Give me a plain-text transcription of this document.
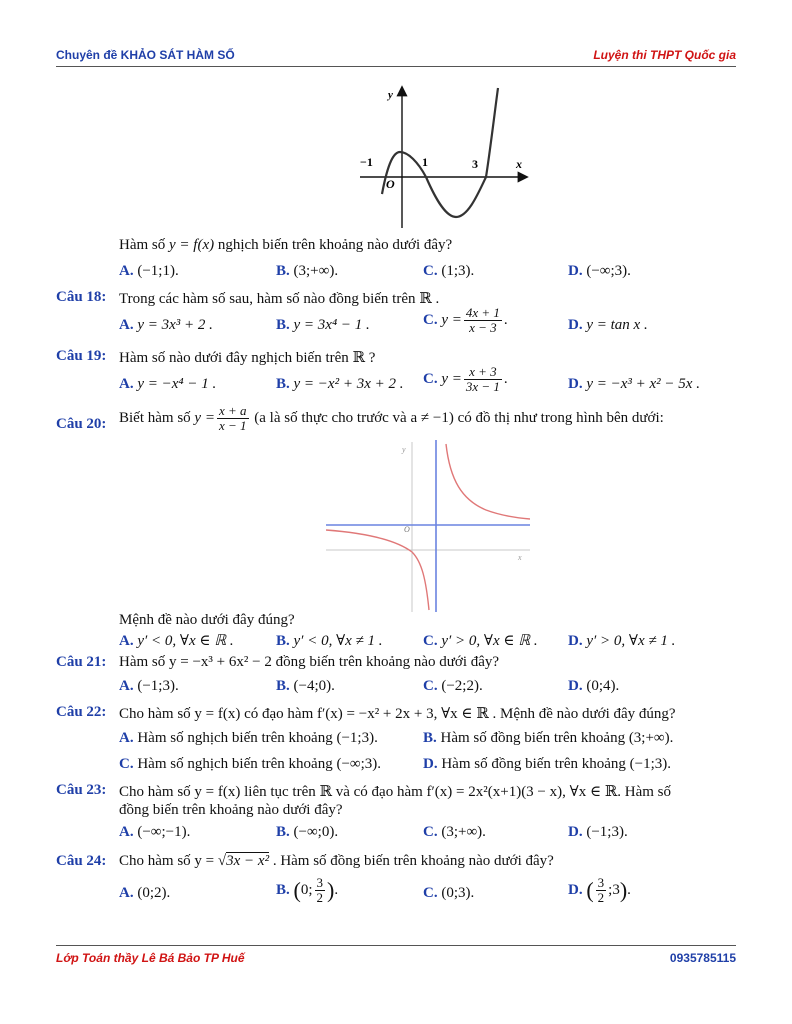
Chuyên đề KHẢO SÁT HÀM SỐ	Luyện thi THPT Quốc gia
y
x
O
−1	1	3
Hàm số y = f(x) nghịch biến trên khoảng nào dưới đây?
A. (−1;1).	B. (3;+∞).	C. (1;3).	D. (−∞;3).
Câu 18: Trong các hàm số sau, hàm số nào đồng biến trên ℝ .
A. y = 3x³ + 2 .	B. y = 3x⁴ − 1 .	C. $y = \frac{4x + 1}{x - 3}$ .	D. y = tan x .
Câu 19: Hàm số nào dưới đây nghịch biến trên ℝ ?
A. y = −x⁴ − 1 .	B. y = −x² + 3x + 2 . C. $y = \frac{x + 3}{3x - 1}$ .	D. y = −x³ + x² − 5x .
Câu 20: Biết hàm số $y = \frac{x + a}{x - 1} (a$ là số thực cho trước và a ≠ −1) có đồ thị như trong hình bên dưới:
y
x
O
Mệnh đề nào dưới đây đúng?
A. y′ < 0, ∀x ∈ ℝ .	B. y′ < 0, ∀x ≠ 1 .	C. y′ > 0, ∀x ∈ ℝ . D. y′ > 0, ∀x ≠ 1 .
Câu 21: Hàm số y = −x³ + 6x² − 2 đồng biến trên khoảng nào dưới đây?
A. (−1;3).	B. (−4;0).	C. (−2;2).	D. (0;4).
Câu 22: Cho hàm số y = f(x) có đạo hàm f′(x) = −x² + 2x + 3, ∀x ∈ ℝ . Mệnh đề nào dưới đây đúng?
A. Hàm số nghịch biến trên khoảng (−1;3).	B. Hàm số đồng biến trên khoảng (3;+∞).
C. Hàm số nghịch biến trên khoảng (−∞;3).	D. Hàm số đồng biến trên khoảng (−1;3).
Câu 23: Cho hàm số y = f(x) liên tục trên ℝ và có đạo hàm f′(x) = 2x²(x+1)(3 − x), ∀x ∈ ℝ. Hàm số
đồng biến trên khoảng nào dưới đây?
A. (−∞;−1).	B. (−∞;0).	C. (3;+∞).	D. (−1;3).
Câu 24: Cho hàm số y = √3x − x² . Hàm số đồng biến trên khoảng nào dưới đây?
A. (0;2).	B. (0; $\frac{3}{2}$ ).	C. (0;3).	D. ( $\frac{3}{2}$ ;3).
Lớp Toán thầy Lê Bá Bảo TP Huế	0935785115
